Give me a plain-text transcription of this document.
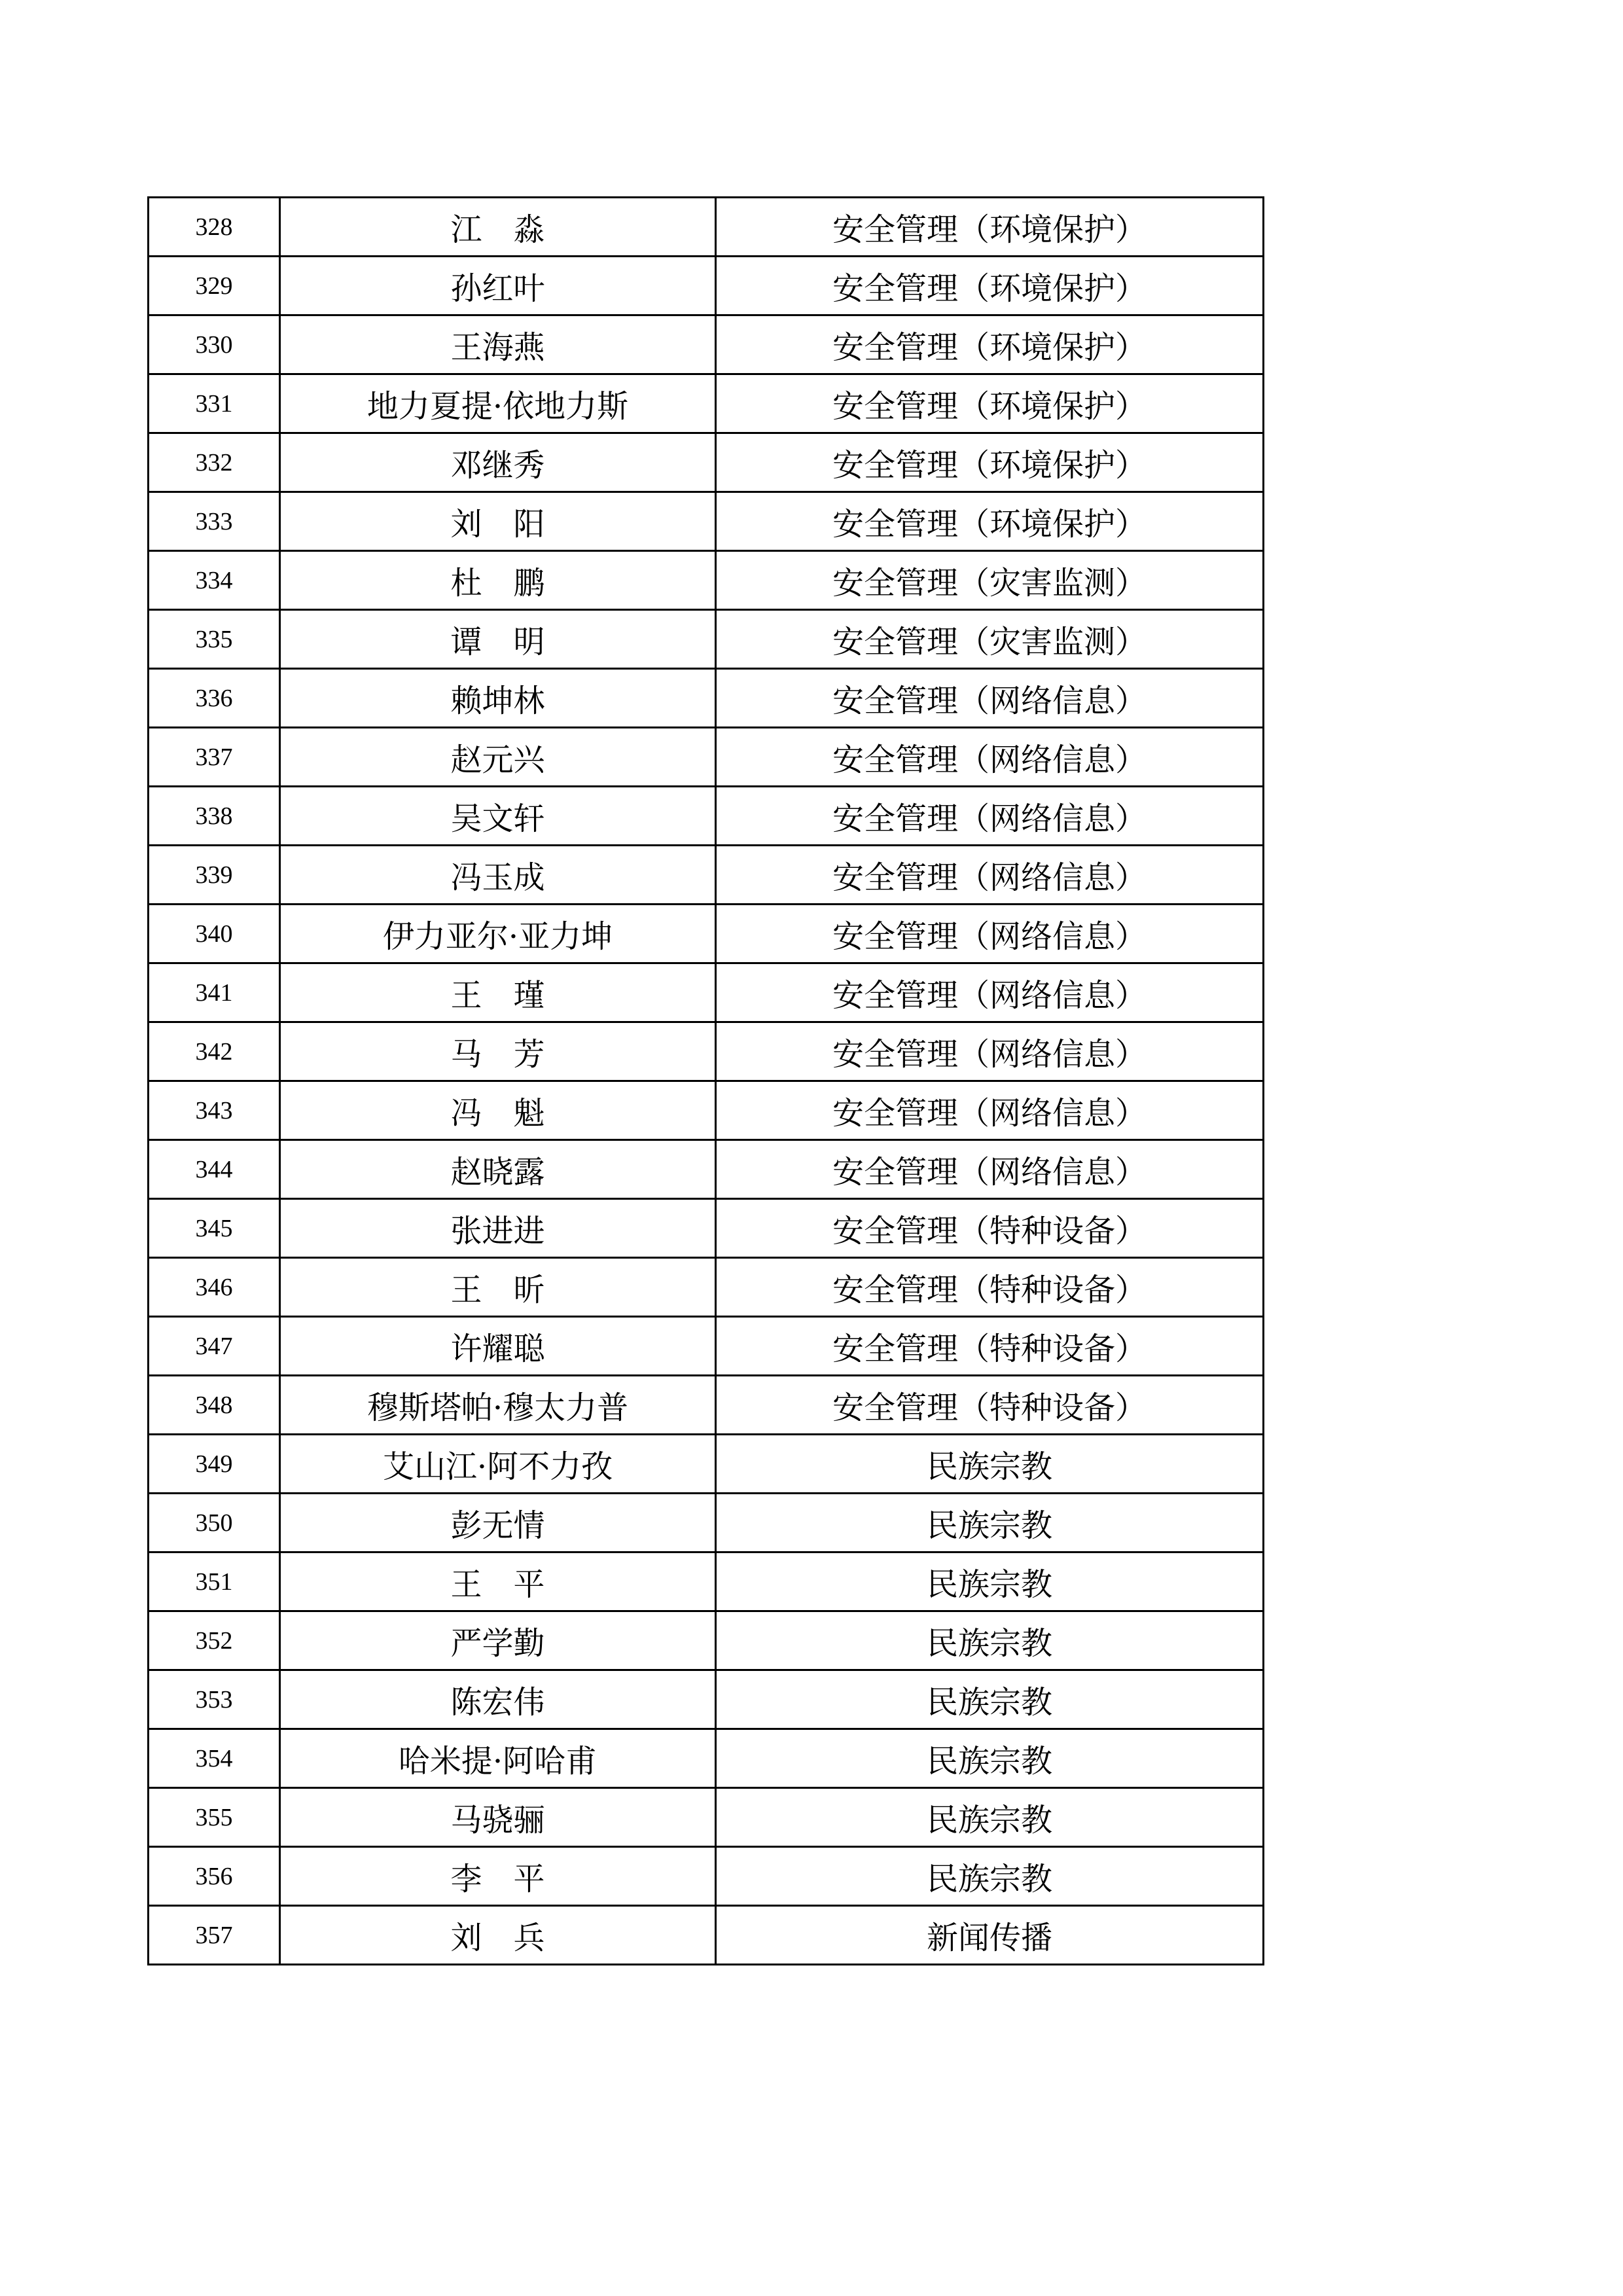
328	江　淼	安全管理（环境保护）
329	孙红叶	安全管理（环境保护）
330	王海燕	安全管理（环境保护）
331	地力夏提·依地力斯	安全管理（环境保护）
332	邓继秀	安全管理（环境保护）
333	刘　阳	安全管理（环境保护）
334	杜　鹏	安全管理（灾害监测）
335	谭　明	安全管理（灾害监测）
336	赖坤林	安全管理（网络信息）
337	赵元兴	安全管理（网络信息）
338	吴文轩	安全管理（网络信息）
339	冯玉成	安全管理（网络信息）
340	伊力亚尔·亚力坤	安全管理（网络信息）
341	王　瑾	安全管理（网络信息）
342	马　芳	安全管理（网络信息）
343	冯　魁	安全管理（网络信息）
344	赵晓露	安全管理（网络信息）
345	张进进	安全管理（特种设备）
346	王　昕	安全管理（特种设备）
347	许耀聪	安全管理（特种设备）
348	穆斯塔帕·穆太力普	安全管理（特种设备）
349	艾山江·阿不力孜	民族宗教
350	彭无情	民族宗教
351	王　平	民族宗教
352	严学勤	民族宗教
353	陈宏伟	民族宗教
354	哈米提·阿哈甫	民族宗教
355	马骁骊	民族宗教
356	李　平	民族宗教
357	刘　兵	新闻传播
